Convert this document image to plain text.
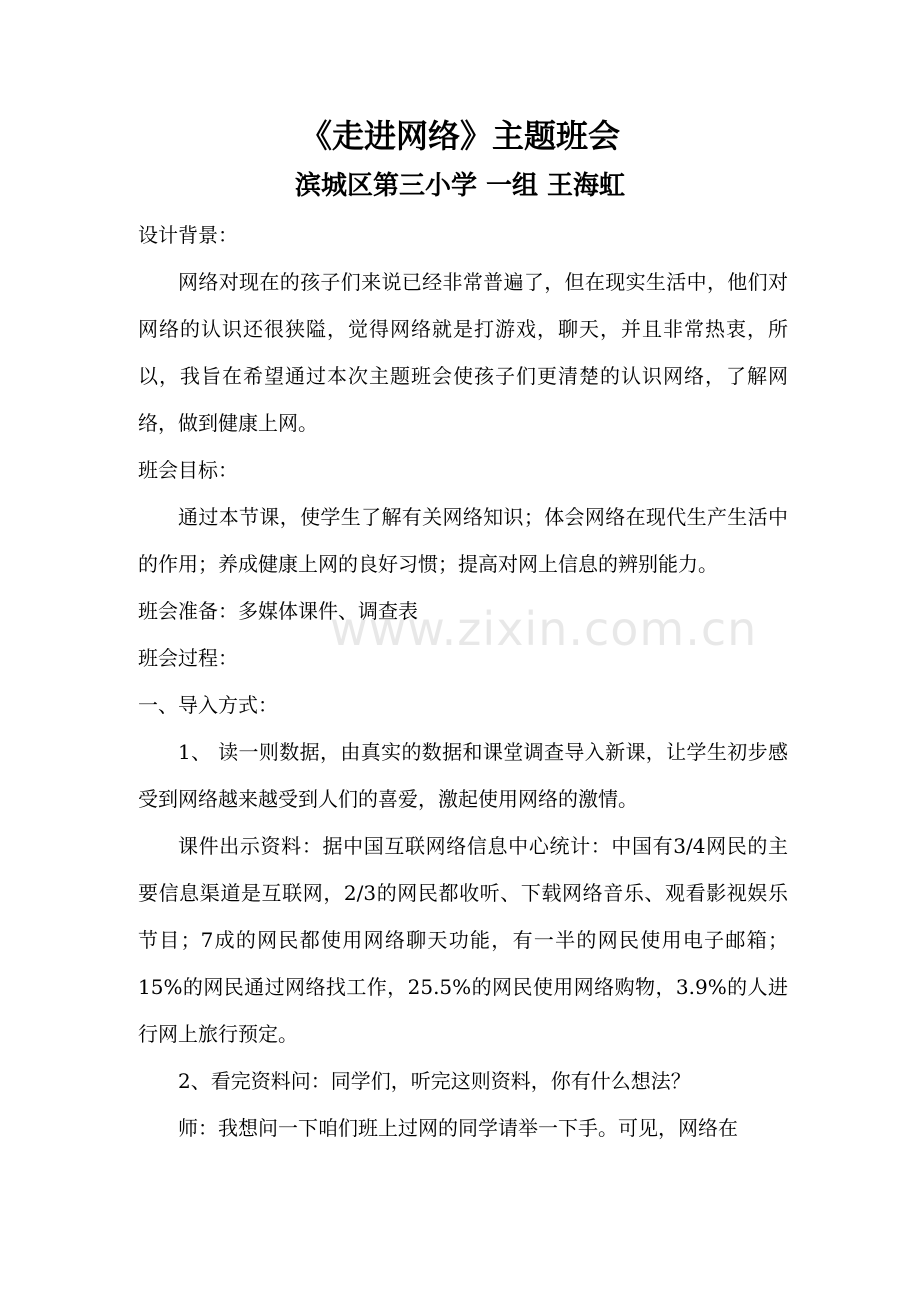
《走进网络》主题班会
滨城区第三小学 一组 王海虹

设计背景：

网络对现在的孩子们来说已经非常普遍了，但在现实生活中，他们对网络的认识还很狭隘，觉得网络就是打游戏，聊天，并且非常热衷，所以，我旨在希望通过本次主题班会使孩子们更清楚的认识网络，了解网络，做到健康上网。

班会目标：

通过本节课，使学生了解有关网络知识；体会网络在现代生产生活中的作用；养成健康上网的良好习惯；提高对网上信息的辨别能力。

班会准备：多媒体课件、调查表

班会过程：

一、导入方式：

1、 读一则数据，由真实的数据和课堂调查导入新课，让学生初步感受到网络越来越受到人们的喜爱，激起使用网络的激情。

课件出示资料：据中国互联网络信息中心统计：中国有3/4网民的主要信息渠道是互联网，2/3的网民都收听、下载网络音乐、观看影视娱乐节目；7成的网民都使用网络聊天功能，有一半的网民使用电子邮箱；15%的网民通过网络找工作，25.5%的网民使用网络购物，3.9%的人进行网上旅行预定。

2、看完资料问：同学们，听完这则资料，你有什么想法？

师：我想问一下咱们班上过网的同学请举一下手。可见，网络在

www.zixin.com.cn
